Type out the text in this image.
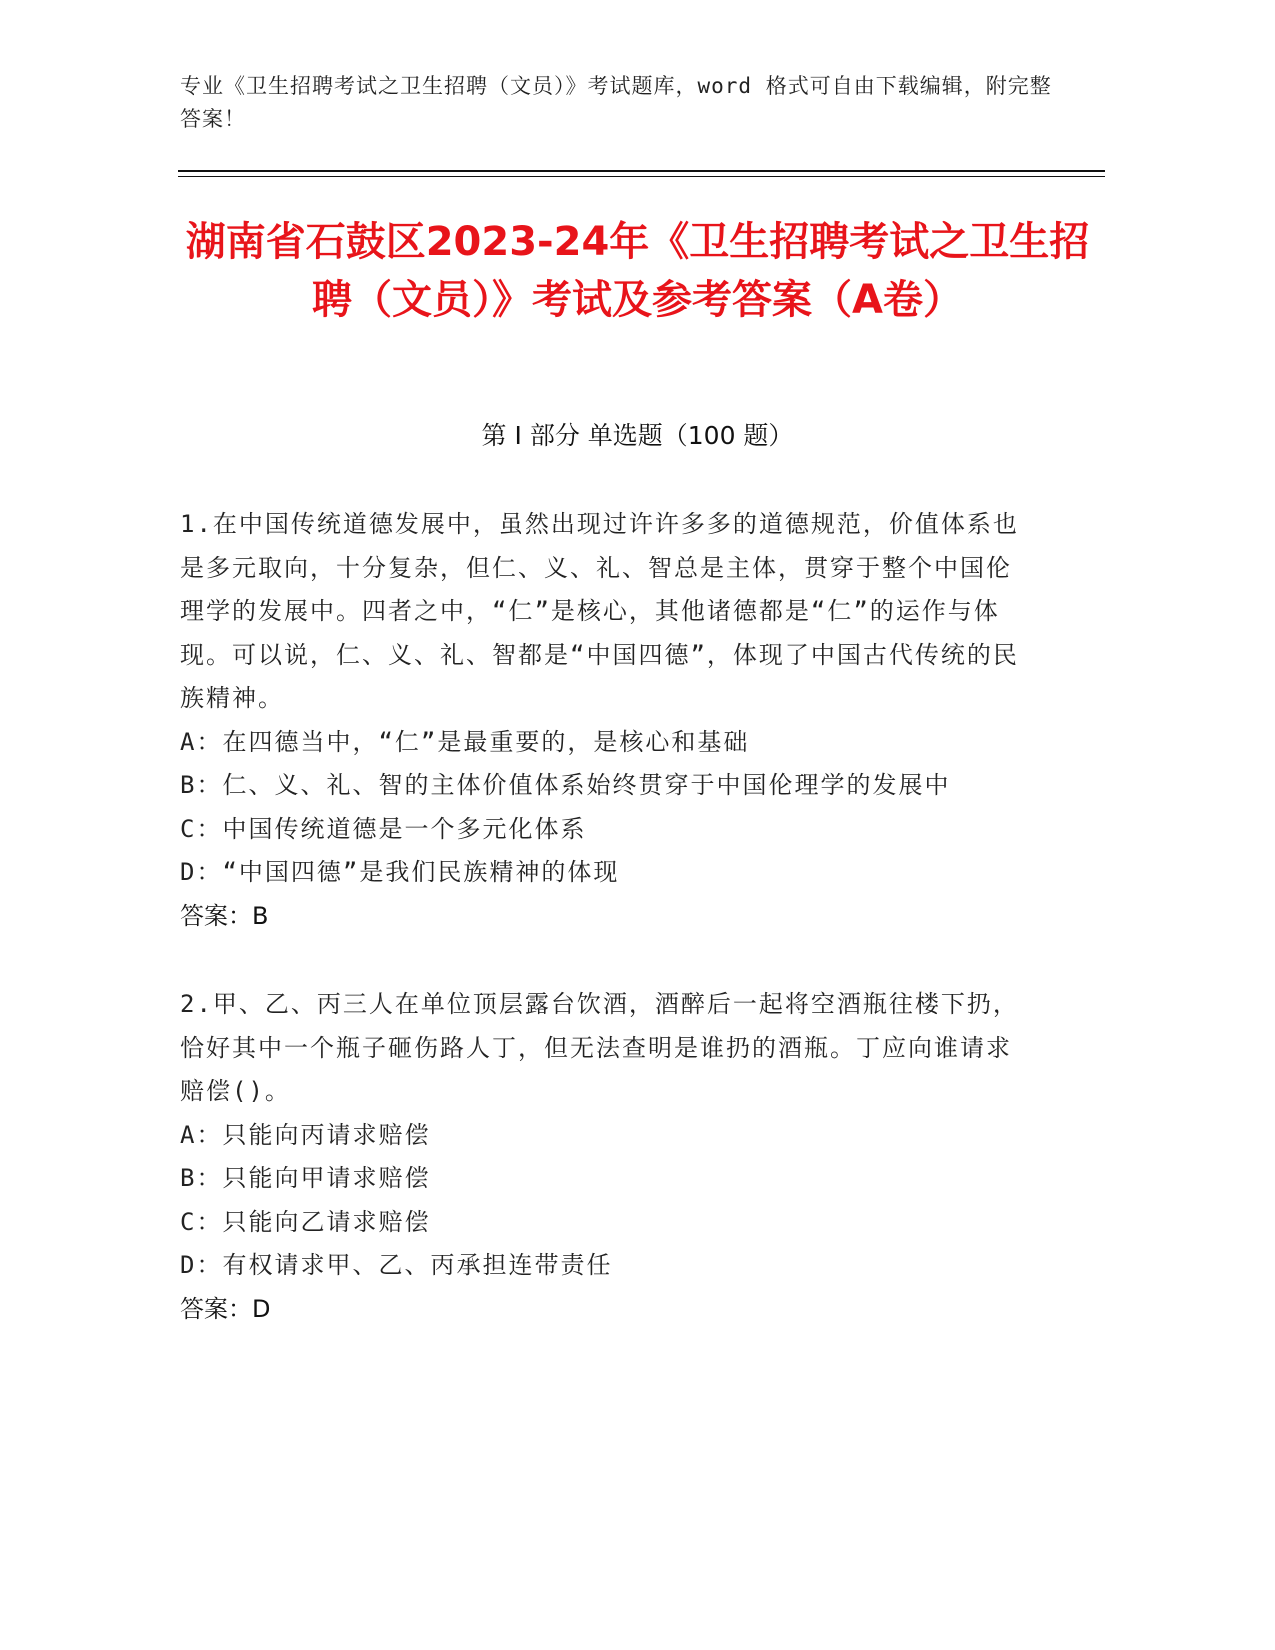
专业《卫生招聘考试之卫生招聘（文员）》考试题库，word 格式可自由下载编辑，附完整答案！
湖南省石鼓区2023-24年《卫生招聘考试之卫生招聘（文员）》考试及参考答案（A卷）
第 I 部分 单选题（100 题）
1.在中国传统道德发展中，虽然出现过许许多多的道德规范，价值体系也是多元取向，十分复杂，但仁、义、礼、智总是主体，贯穿于整个中国伦理学的发展中。四者之中，“仁”是核心，其他诸德都是“仁”的运作与体现。可以说，仁、义、礼、智都是“中国四德”，体现了中国古代传统的民族精神。
A：在四德当中，“仁”是最重要的，是核心和基础
B：仁、义、礼、智的主体价值体系始终贯穿于中国伦理学的发展中
C：中国传统道德是一个多元化体系
D：“中国四德”是我们民族精神的体现
答案：B
2.甲、乙、丙三人在单位顶层露台饮酒，酒醉后一起将空酒瓶往楼下扔，恰好其中一个瓶子砸伤路人丁，但无法查明是谁扔的酒瓶。丁应向谁请求赔偿()。
A：只能向丙请求赔偿
B：只能向甲请求赔偿
C：只能向乙请求赔偿
D：有权请求甲、乙、丙承担连带责任
答案：D
